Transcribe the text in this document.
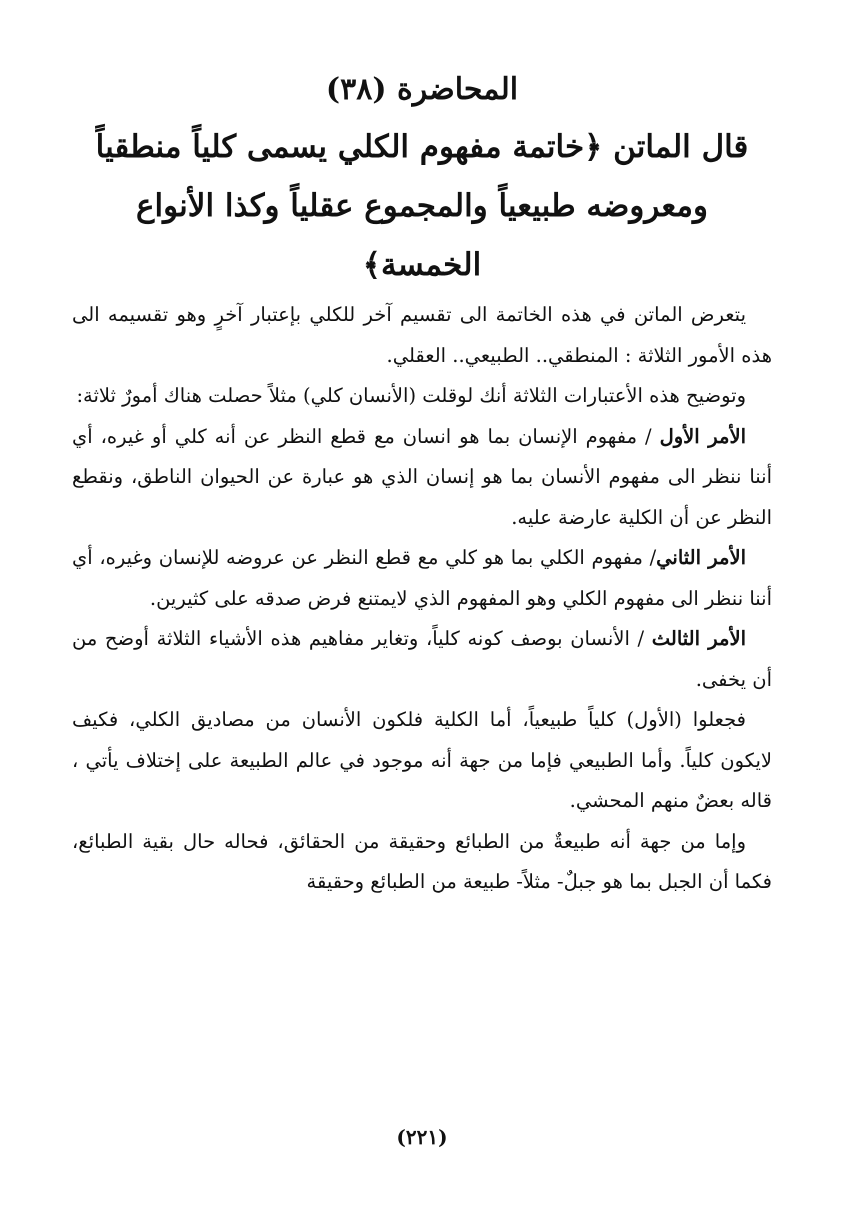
المحاضرة (٣٨)
قال الماتن ﴿خاتمة مفهوم الكلي يسمى كلياً منطقياً ومعروضه طبيعياً والمجموع عقلياً وكذا الأنواع الخمسة﴾

يتعرض الماتن في هذه الخاتمة الى تقسيم آخر للكلي بإعتبار آخرٍ وهو تقسيمه الى هذه الأمور الثلاثة : المنطقي.. الطبيعي.. العقلي.

وتوضيح هذه الأعتبارات الثلاثة أنك لوقلت (الأنسان كلي) مثلاً حصلت هناك أمورٌ ثلاثة:

الأمر الأول / مفهوم الإنسان بما هو انسان مع قطع النظر عن أنه كلي أو غيره، أي أننا ننظر الى مفهوم الأنسان بما هو إنسان الذي هو عبارة عن الحيوان الناطق، ونقطع النظر عن أن الكلية عارضة عليه.

الأمر الثاني/ مفهوم الكلي بما هو كلي مع قطع النظر عن عروضه للإنسان وغيره، أي أننا ننظر الى مفهوم الكلي وهو المفهوم الذي لايمتنع فرض صدقه على كثيرين.

الأمر الثالث / الأنسان بوصف كونه كلياً، وتغاير مفاهيم هذه الأشياء الثلاثة أوضح من أن يخفى.

فجعلوا (الأول) كلياً طبيعياً، أما الكلية فلكون الأنسان من مصاديق الكلي، فكيف لايكون كلياً. وأما الطبيعي فإما من جهة أنه موجود في عالم الطبيعة على إختلاف يأتي ، قاله بعضٌ منهم المحشي.

وإما من جهة أنه طبيعةٌ من الطبائع وحقيقة من الحقائق، فحاله حال بقية الطبائع، فكما أن الجبل بما هو جبلٌ- مثلاً- طبيعة من الطبائع وحقيقة

(٢٢١)
